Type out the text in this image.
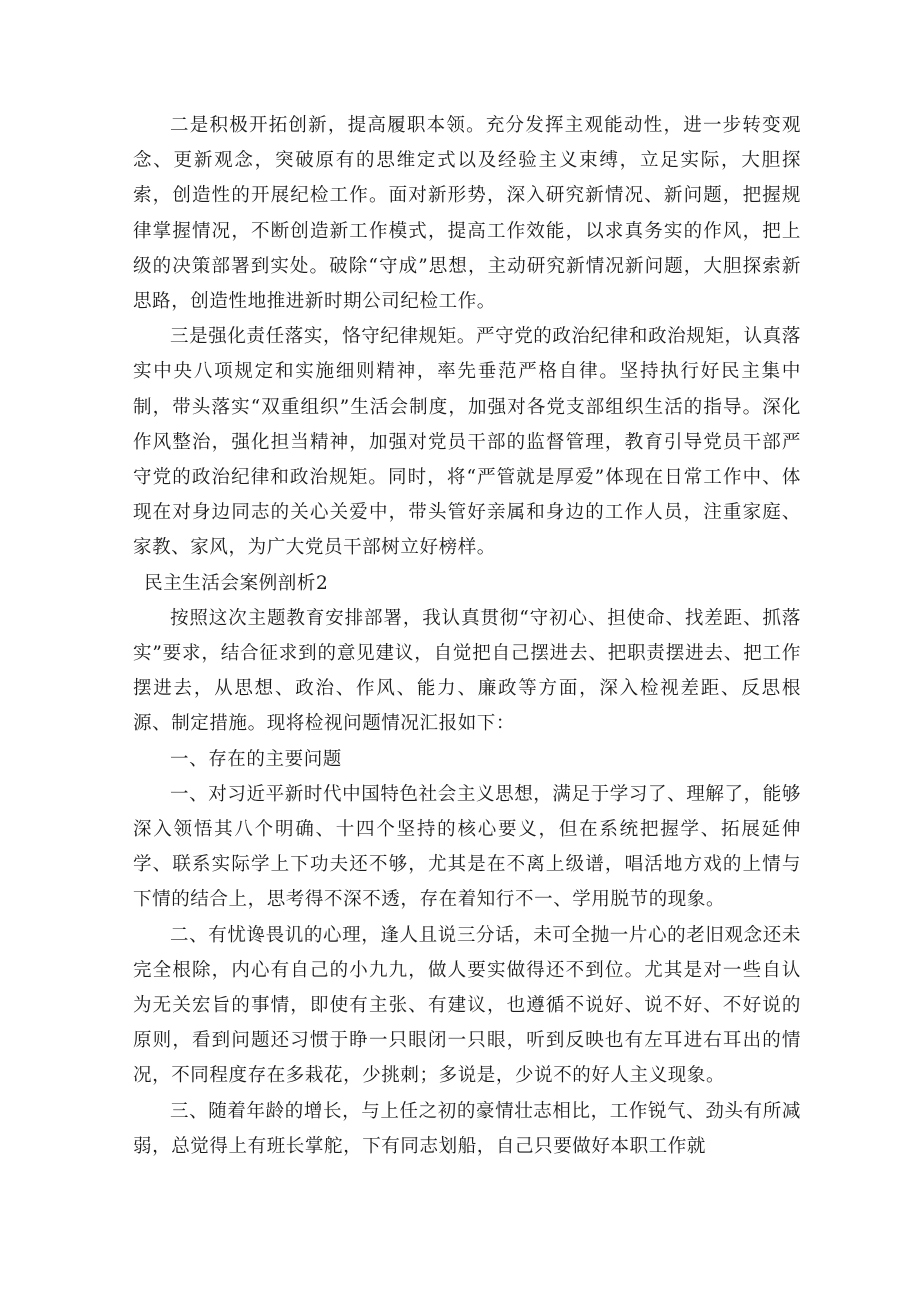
二是积极开拓创新，提高履职本领。充分发挥主观能动性，进一步转变观念、更新观念，突破原有的思维定式以及经验主义束缚，立足实际，大胆探索，创造性的开展纪检工作。面对新形势，深入研究新情况、新问题，把握规律掌握情况，不断创造新工作模式，提高工作效能，以求真务实的作风，把上级的决策部署到实处。破除“守成”思想，主动研究新情况新问题，大胆探索新思路，创造性地推进新时期公司纪检工作。

三是强化责任落实，恪守纪律规矩。严守党的政治纪律和政治规矩，认真落实中央八项规定和实施细则精神，率先垂范严格自律。坚持执行好民主集中制，带头落实“双重组织”生活会制度，加强对各党支部组织生活的指导。深化作风整治，强化担当精神，加强对党员干部的监督管理，教育引导党员干部严守党的政治纪律和政治规矩。同时，将“严管就是厚爱”体现在日常工作中、体现在对身边同志的关心关爱中，带头管好亲属和身边的工作人员，注重家庭、家教、家风，为广大党员干部树立好榜样。

民主生活会案例剖析2

按照这次主题教育安排部署，我认真贯彻“守初心、担使命、找差距、抓落实”要求，结合征求到的意见建议，自觉把自己摆进去、把职责摆进去、把工作摆进去，从思想、政治、作风、能力、廉政等方面，深入检视差距、反思根源、制定措施。现将检视问题情况汇报如下：

一、存在的主要问题

一、对习近平新时代中国特色社会主义思想，满足于学习了、理解了，能够深入领悟其八个明确、十四个坚持的核心要义，但在系统把握学、拓展延伸学、联系实际学上下功夫还不够，尤其是在不离上级谱，唱活地方戏的上情与下情的结合上，思考得不深不透，存在着知行不一、学用脱节的现象。

二、有忧谗畏讥的心理，逢人且说三分话，未可全抛一片心的老旧观念还未完全根除，内心有自己的小九九，做人要实做得还不到位。尤其是对一些自认为无关宏旨的事情，即使有主张、有建议，也遵循不说好、说不好、不好说的原则，看到问题还习惯于睁一只眼闭一只眼，听到反映也有左耳进右耳出的情况，不同程度存在多栽花，少挑刺；多说是，少说不的好人主义现象。

三、随着年龄的增长，与上任之初的豪情壮志相比，工作锐气、劲头有所减弱，总觉得上有班长掌舵，下有同志划船，自己只要做好本职工作就
